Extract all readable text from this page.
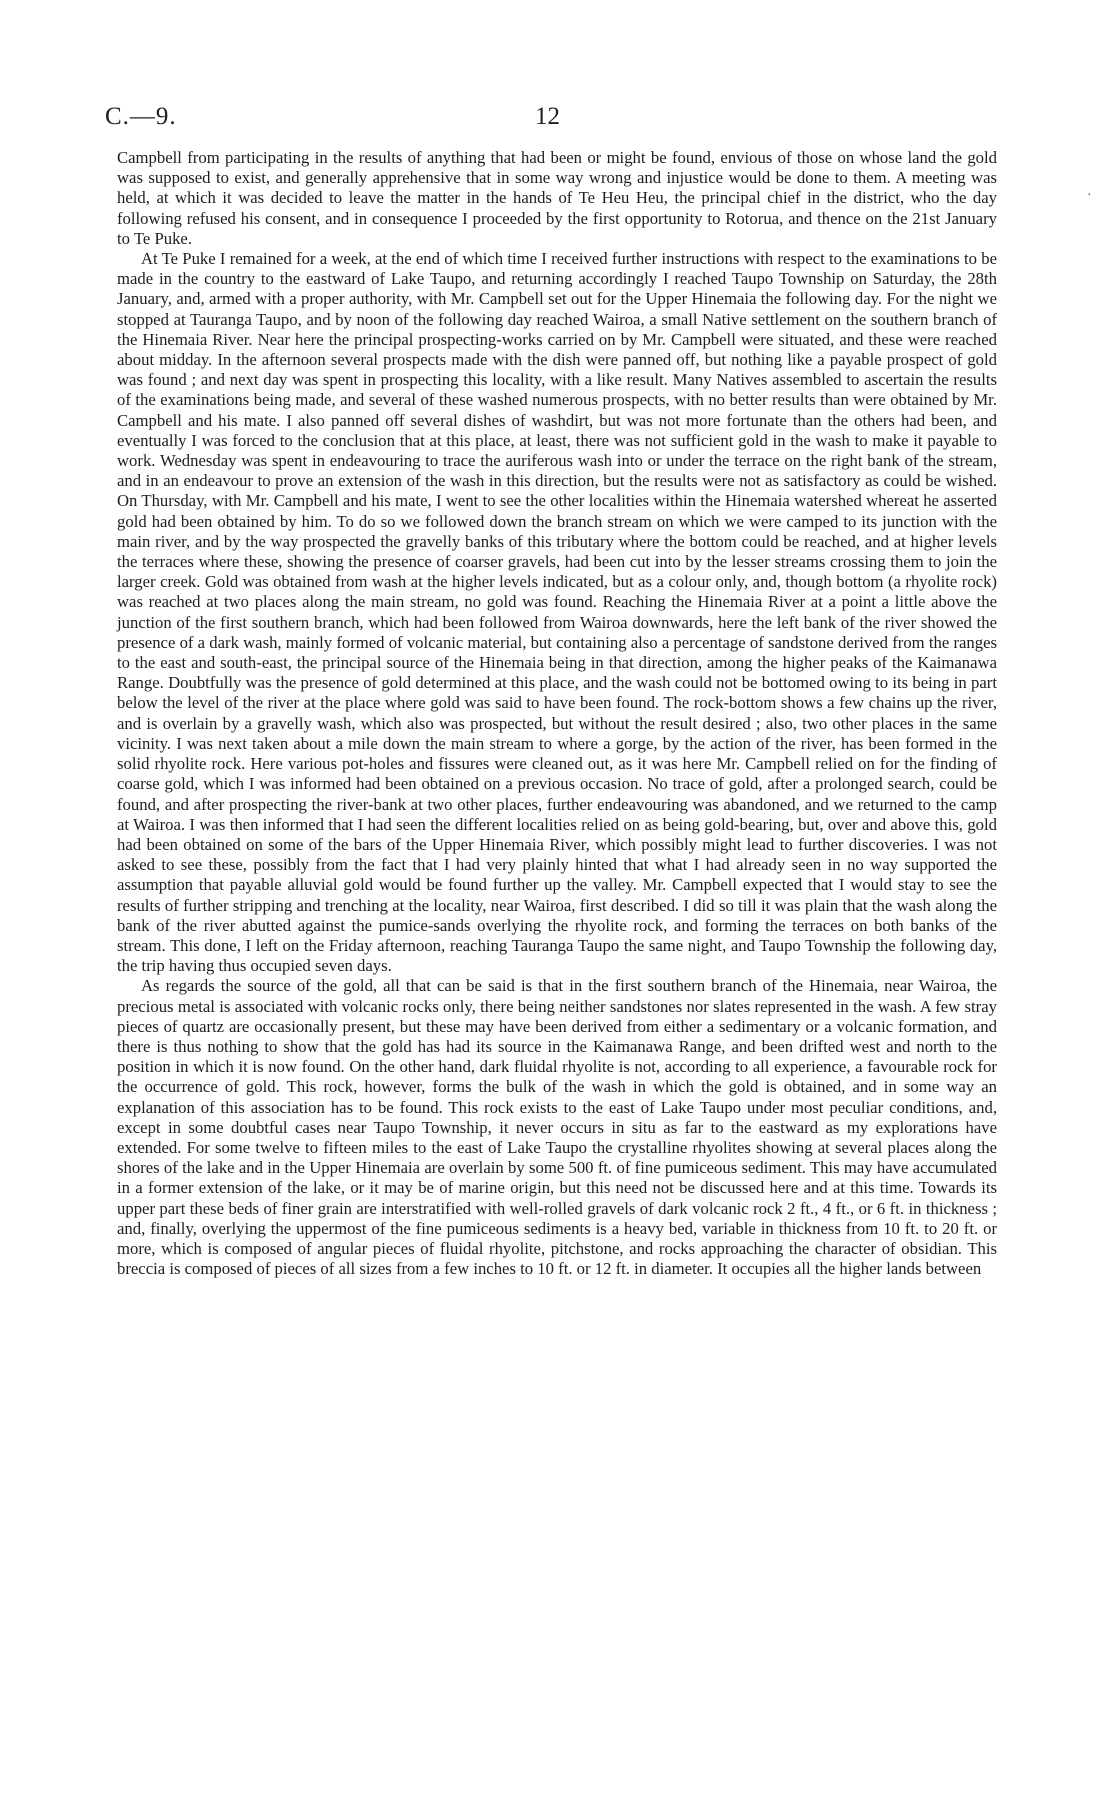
C.—9.	12
·

Campbell from participating in the results of anything that had been or might be found, envious of those on whose land the gold was supposed to exist, and generally apprehensive that in some way wrong and injustice would be done to them. A meeting was held, at which it was decided to leave the matter in the hands of Te Heu Heu, the principal chief in the district, who the day following refused his consent, and in consequence I proceeded by the first opportunity to Rotorua, and thence on the 21st January to Te Puke.

At Te Puke I remained for a week, at the end of which time I received further instructions with respect to the examinations to be made in the country to the eastward of Lake Taupo, and returning accordingly I reached Taupo Township on Saturday, the 28th January, and, armed with a proper authority, with Mr. Campbell set out for the Upper Hinemaia the following day. For the night we stopped at Tauranga Taupo, and by noon of the following day reached Wairoa, a small Native settlement on the southern branch of the Hinemaia River. Near here the principal prospecting-works carried on by Mr. Campbell were situated, and these were reached about midday. In the afternoon several prospects made with the dish were panned off, but nothing like a payable prospect of gold was found ; and next day was spent in prospecting this locality, with a like result. Many Natives assembled to ascertain the results of the examinations being made, and several of these washed numerous prospects, with no better results than were obtained by Mr. Campbell and his mate. I also panned off several dishes of washdirt, but was not more fortunate than the others had been, and eventually I was forced to the conclusion that at this place, at least, there was not sufficient gold in the wash to make it payable to work. Wednesday was spent in endeavouring to trace the auriferous wash into or under the terrace on the right bank of the stream, and in an endeavour to prove an extension of the wash in this direction, but the results were not as satisfactory as could be wished. On Thursday, with Mr. Campbell and his mate, I went to see the other localities within the Hinemaia watershed whereat he asserted gold had been obtained by him. To do so we followed down the branch stream on which we were camped to its junction with the main river, and by the way prospected the gravelly banks of this tributary where the bottom could be reached, and at higher levels the terraces where these, showing the presence of coarser gravels, had been cut into by the lesser streams crossing them to join the larger creek. Gold was obtained from wash at the higher levels indicated, but as a colour only, and, though bottom (a rhyolite rock) was reached at two places along the main stream, no gold was found. Reaching the Hinemaia River at a point a little above the junction of the first southern branch, which had been followed from Wairoa downwards, here the left bank of the river showed the presence of a dark wash, mainly formed of volcanic material, but containing also a percentage of sandstone derived from the ranges to the east and south-east, the principal source of the Hinemaia being in that direction, among the higher peaks of the Kaimanawa Range. Doubtfully was the presence of gold determined at this place, and the wash could not be bottomed owing to its being in part below the level of the river at the place where gold was said to have been found. The rock-bottom shows a few chains up the river, and is overlain by a gravelly wash, which also was prospected, but without the result desired ; also, two other places in the same vicinity. I was next taken about a mile down the main stream to where a gorge, by the action of the river, has been formed in the solid rhyolite rock. Here various pot-holes and fissures were cleaned out, as it was here Mr. Campbell relied on for the finding of coarse gold, which I was informed had been obtained on a previous occasion. No trace of gold, after a prolonged search, could be found, and after prospecting the river-bank at two other places, further endeavouring was abandoned, and we returned to the camp at Wairoa. I was then informed that I had seen the different localities relied on as being gold-bearing, but, over and above this, gold had been obtained on some of the bars of the Upper Hinemaia River, which possibly might lead to further discoveries. I was not asked to see these, possibly from the fact that I had very plainly hinted that what I had already seen in no way supported the assumption that payable alluvial gold would be found further up the valley. Mr. Campbell expected that I would stay to see the results of further stripping and trenching at the locality, near Wairoa, first described. I did so till it was plain that the wash along the bank of the river abutted against the pumice-sands overlying the rhyolite rock, and forming the terraces on both banks of the stream. This done, I left on the Friday afternoon, reaching Tauranga Taupo the same night, and Taupo Township the following day, the trip having thus occupied seven days.

As regards the source of the gold, all that can be said is that in the first southern branch of the Hinemaia, near Wairoa, the precious metal is associated with volcanic rocks only, there being neither sandstones nor slates represented in the wash. A few stray pieces of quartz are occasionally present, but these may have been derived from either a sedimentary or a volcanic formation, and there is thus nothing to show that the gold has had its source in the Kaimanawa Range, and been drifted west and north to the position in which it is now found. On the other hand, dark fluidal rhyolite is not, according to all experience, a favourable rock for the occurrence of gold. This rock, however, forms the bulk of the wash in which the gold is obtained, and in some way an explanation of this association has to be found. This rock exists to the east of Lake Taupo under most peculiar conditions, and, except in some doubtful cases near Taupo Township, it never occurs in situ as far to the eastward as my explorations have extended. For some twelve to fifteen miles to the east of Lake Taupo the crystalline rhyolites showing at several places along the shores of the lake and in the Upper Hinemaia are overlain by some 500 ft. of fine pumiceous sediment. This may have accumulated in a former extension of the lake, or it may be of marine origin, but this need not be discussed here and at this time. Towards its upper part these beds of finer grain are interstratified with well-rolled gravels of dark volcanic rock 2 ft., 4 ft., or 6 ft. in thickness ; and, finally, overlying the uppermost of the fine pumiceous sediments is a heavy bed, variable in thickness from 10 ft. to 20 ft. or more, which is composed of angular pieces of fluidal rhyolite, pitchstone, and rocks approaching the character of obsidian. This breccia is composed of pieces of all sizes from a few inches to 10 ft. or 12 ft. in diameter. It occupies all the higher lands between
